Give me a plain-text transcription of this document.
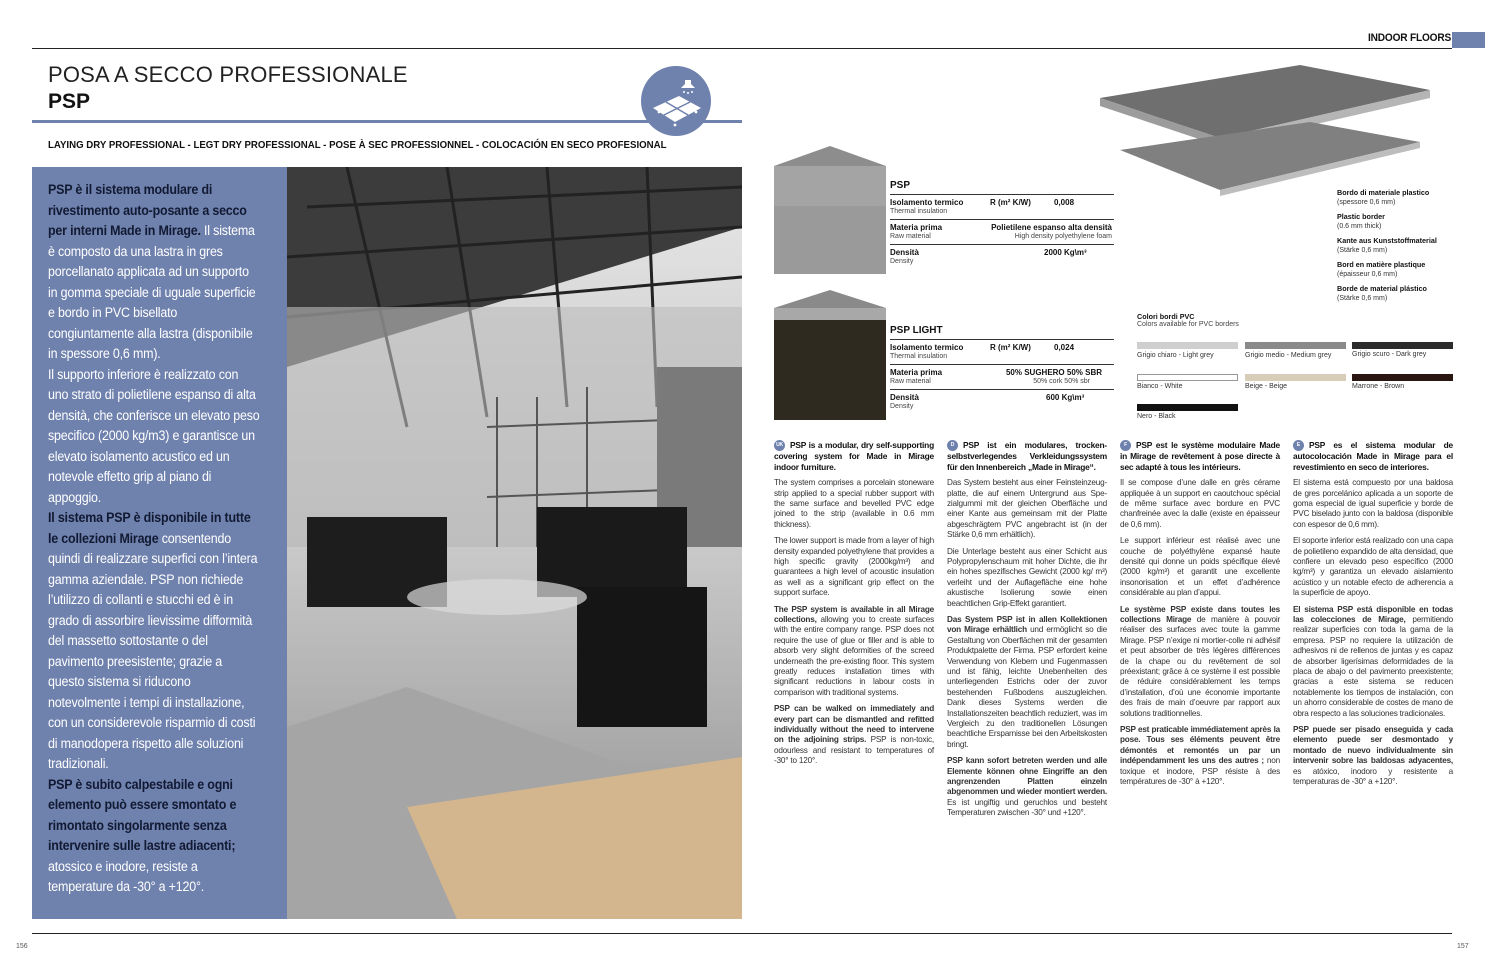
INDOOR FLOORS
POSA A SECCO PROFESSIONALE
PSP
LAYING DRY PROFESSIONAL - LEGT DRY PROFESSIONAL - POSE À SEC PROFESSIONNEL - COLOCACIÓN EN SECO PROFESIONAL
PSP è il sistema modulare di rivestimento auto-posante a secco per interni Made in Mirage. Il sistema è composto da una lastra in gres porcellanato applicata ad un supporto in gomma speciale di uguale superficie e bordo in PVC bisellato congiuntamente alla lastra (disponibile in spessore 0,6 mm).
Il supporto inferiore è realizzato con uno strato di polietilene espanso di alta densità, che conferisce un elevato peso specifico (2000 kg/m3) e garantisce un elevato isolamento acustico ed un notevole effetto grip al piano di appoggio.
Il sistema PSP è disponibile in tutte le collezioni Mirage consentendo quindi di realizzare superfici con l’intera gamma aziendale. PSP non richiede l’utilizzo di collanti e stucchi ed è in grado di assorbire lievissime difformità del massetto sottostante o del pavimento preesistente; grazie a questo sistema si riducono notevolmente i tempi di installazione, con un considerevole risparmio di costi di manodopera rispetto alle soluzioni tradizionali.
PSP è subito calpestabile e ogni elemento può essere smontato e rimontato singolarmente senza intervenire sulle lastre adiacenti; atossico e inodore, resiste a temperature da -30° a +120°.
PSP
Isolamento termico
Thermal insulation
R (m² K/W)	0,008
Materia prima
Raw material
Polietilene espanso alta densità
High density polyethylene foam
Densità
Density
2000 Kg\m³
PSP LIGHT
Isolamento termico
Thermal insulation
R (m² K/W)	0,024
Materia prima
Raw material
50% SUGHERO 50% SBR
50% cork 50% sbr
Densità
Density
600 Kg\m³
Bordo di materiale plastico
(spessore 0,6 mm)
Plastic border
(0.6 mm thick)
Kante aus Kunststoffmaterial
(Stärke 0,6 mm)
Bord en matière plastique
(épaisseur 0,6 mm)
Borde de material plástico
(Stärke 0,6 mm)
Colori bordi PVC
Colors available for PVC borders
Grigio chiaro - Light grey	Grigio medio - Medium grey	Grigio scuro - Dark grey
Bianco - White	Beige - Beige	Marrone - Brown
Nero - Black

UK PSP is a modular, dry self-supporting covering system for Made in Mirage indoor furniture.

The system comprises a porcelain stoneware strip applied to a special rubber support with the same surface and bevelled PVC edge joined to the strip (available in 0.6 mm thickness).

The lower support is made from a layer of high density expanded polyethylene that provides a high specific gravity (2000kg/m³) and guarantees a high level of acoustic insulation as well as a significant grip effect on the support surface.

The PSP system is available in all Mirage collections, allowing you to create surfaces with the entire company range. PSP does not require the use of glue or filler and is able to absorb very slight deformities of the screed underneath the pre-existing floor. This system greatly reduces installation times with significant reductions in labour costs in comparison with traditional systems.

PSP can be walked on immediately and every part can be dismantled and refitted individually without the need to intervene on the adjoining strips. PSP is non-toxic, odourless and resistant to temperatures of -30° to 120°.

D PSP ist ein modulares, trocken-selbstverlegendes Verkleidungssystem für den Innenbereich „Made in Mirage“.

Das System besteht aus einer Feinsteinzeug-platte, die auf einem Untergrund aus Spe-zialgummi mit der gleichen Oberfläche und einer Kante aus gemeinsam mit der Platte abgeschrägtem PVC angebracht ist (in der Stärke 0,6 mm erhältlich).

Die Unterlage besteht aus einer Schicht aus Polypropylenschaum mit hoher Dichte, die ihr ein hohes spezifisches Gewicht (2000 kg/ m³) verleiht und der Auflagefläche eine hohe akustische Isolierung sowie einen beachtlichen Grip-Effekt garantiert.

Das System PSP ist in allen Kollektionen von Mirage erhältlich und ermöglicht so die Gestaltung von Oberflächen mit der gesamten Produktpalette der Firma. PSP erfordert keine Verwendung von Klebern und Fugenmassen und ist fähig, leichte Unebenheiten des unterliegenden Estrichs oder der zuvor bestehenden Fußbodens auszugleichen. Dank dieses Systems werden die Installationszeiten beachtlich reduziert, was im Vergleich zu den traditionellen Lösungen beachtliche Ersparnisse bei den Arbeitskosten bringt.

PSP kann sofort betreten werden und alle Elemente können ohne Eingriffe an den angrenzenden Platten einzeln abgenommen und wieder montiert werden. Es ist ungiftig und geruchlos und besteht Temperaturen zwischen -30° und +120°.

F PSP est le système modulaire Made in Mirage de revêtement à pose directe à sec adapté à tous les intérieurs.

Il se compose d’une dalle en grès cérame appliquée à un support en caoutchouc spécial de même surface avec bordure en PVC chanfreinée avec la dalle (existe en épaisseur de 0,6 mm).

Le support inférieur est réalisé avec une couche de polyéthylène expansé haute densité qui donne un poids spécifique élevé (2000 kg/m³) et garantit une excellente insonorisation et un effet d’adhérence considérable au plan d’appui.

Le système PSP existe dans toutes les collections Mirage de manière à pouvoir réaliser des surfaces avec toute la gamme Mirage. PSP n’exige ni mortier-colle ni adhésif et peut absorber de très légères différences de la chape ou du revêtement de sol préexistant; grâce à ce système il est possible de réduire considérablement les temps d’installation, d’où une économie importante des frais de main d’oeuvre par rapport aux solutions traditionnelles.

PSP est praticable immédiatement après la pose. Tous ses éléments peuvent être démontés et remontés un par un indépendamment les uns des autres ; non toxique et inodore, PSP résiste à des températures de -30° à +120°.

E PSP es el sistema modular de autocolocación Made in Mirage para el revestimiento en seco de interiores.

El sistema está compuesto por una baldosa de gres porcelánico aplicada a un soporte de goma especial de igual superficie y borde de PVC biselado junto con la baldosa (disponible con espesor de 0,6 mm).

El soporte inferior está realizado con una capa de polietileno expandido de alta densidad, que confiere un elevado peso específico (2000 kg/m³) y garantiza un elevado aislamiento acústico y un notable efecto de adherencia a la superficie de apoyo.

El sistema PSP está disponible en todas las colecciones de Mirage, permitiendo realizar superficies con toda la gama de la empresa. PSP no requiere la utilización de adhesivos ni de rellenos de juntas y es capaz de absorber ligerísimas deformidades de la placa de abajo o del pavimento preexistente; gracias a este sistema se reducen notablemente los tiempos de instalación, con un ahorro considerable de costes de mano de obra respecto a las soluciones tradicionales.

PSP puede ser pisado enseguida y cada elemento puede ser desmontado y montado de nuevo individualmente sin intervenir sobre las baldosas adyacentes, es atóxico, inodoro y resistente a temperaturas de -30° a +120°.

156	157
